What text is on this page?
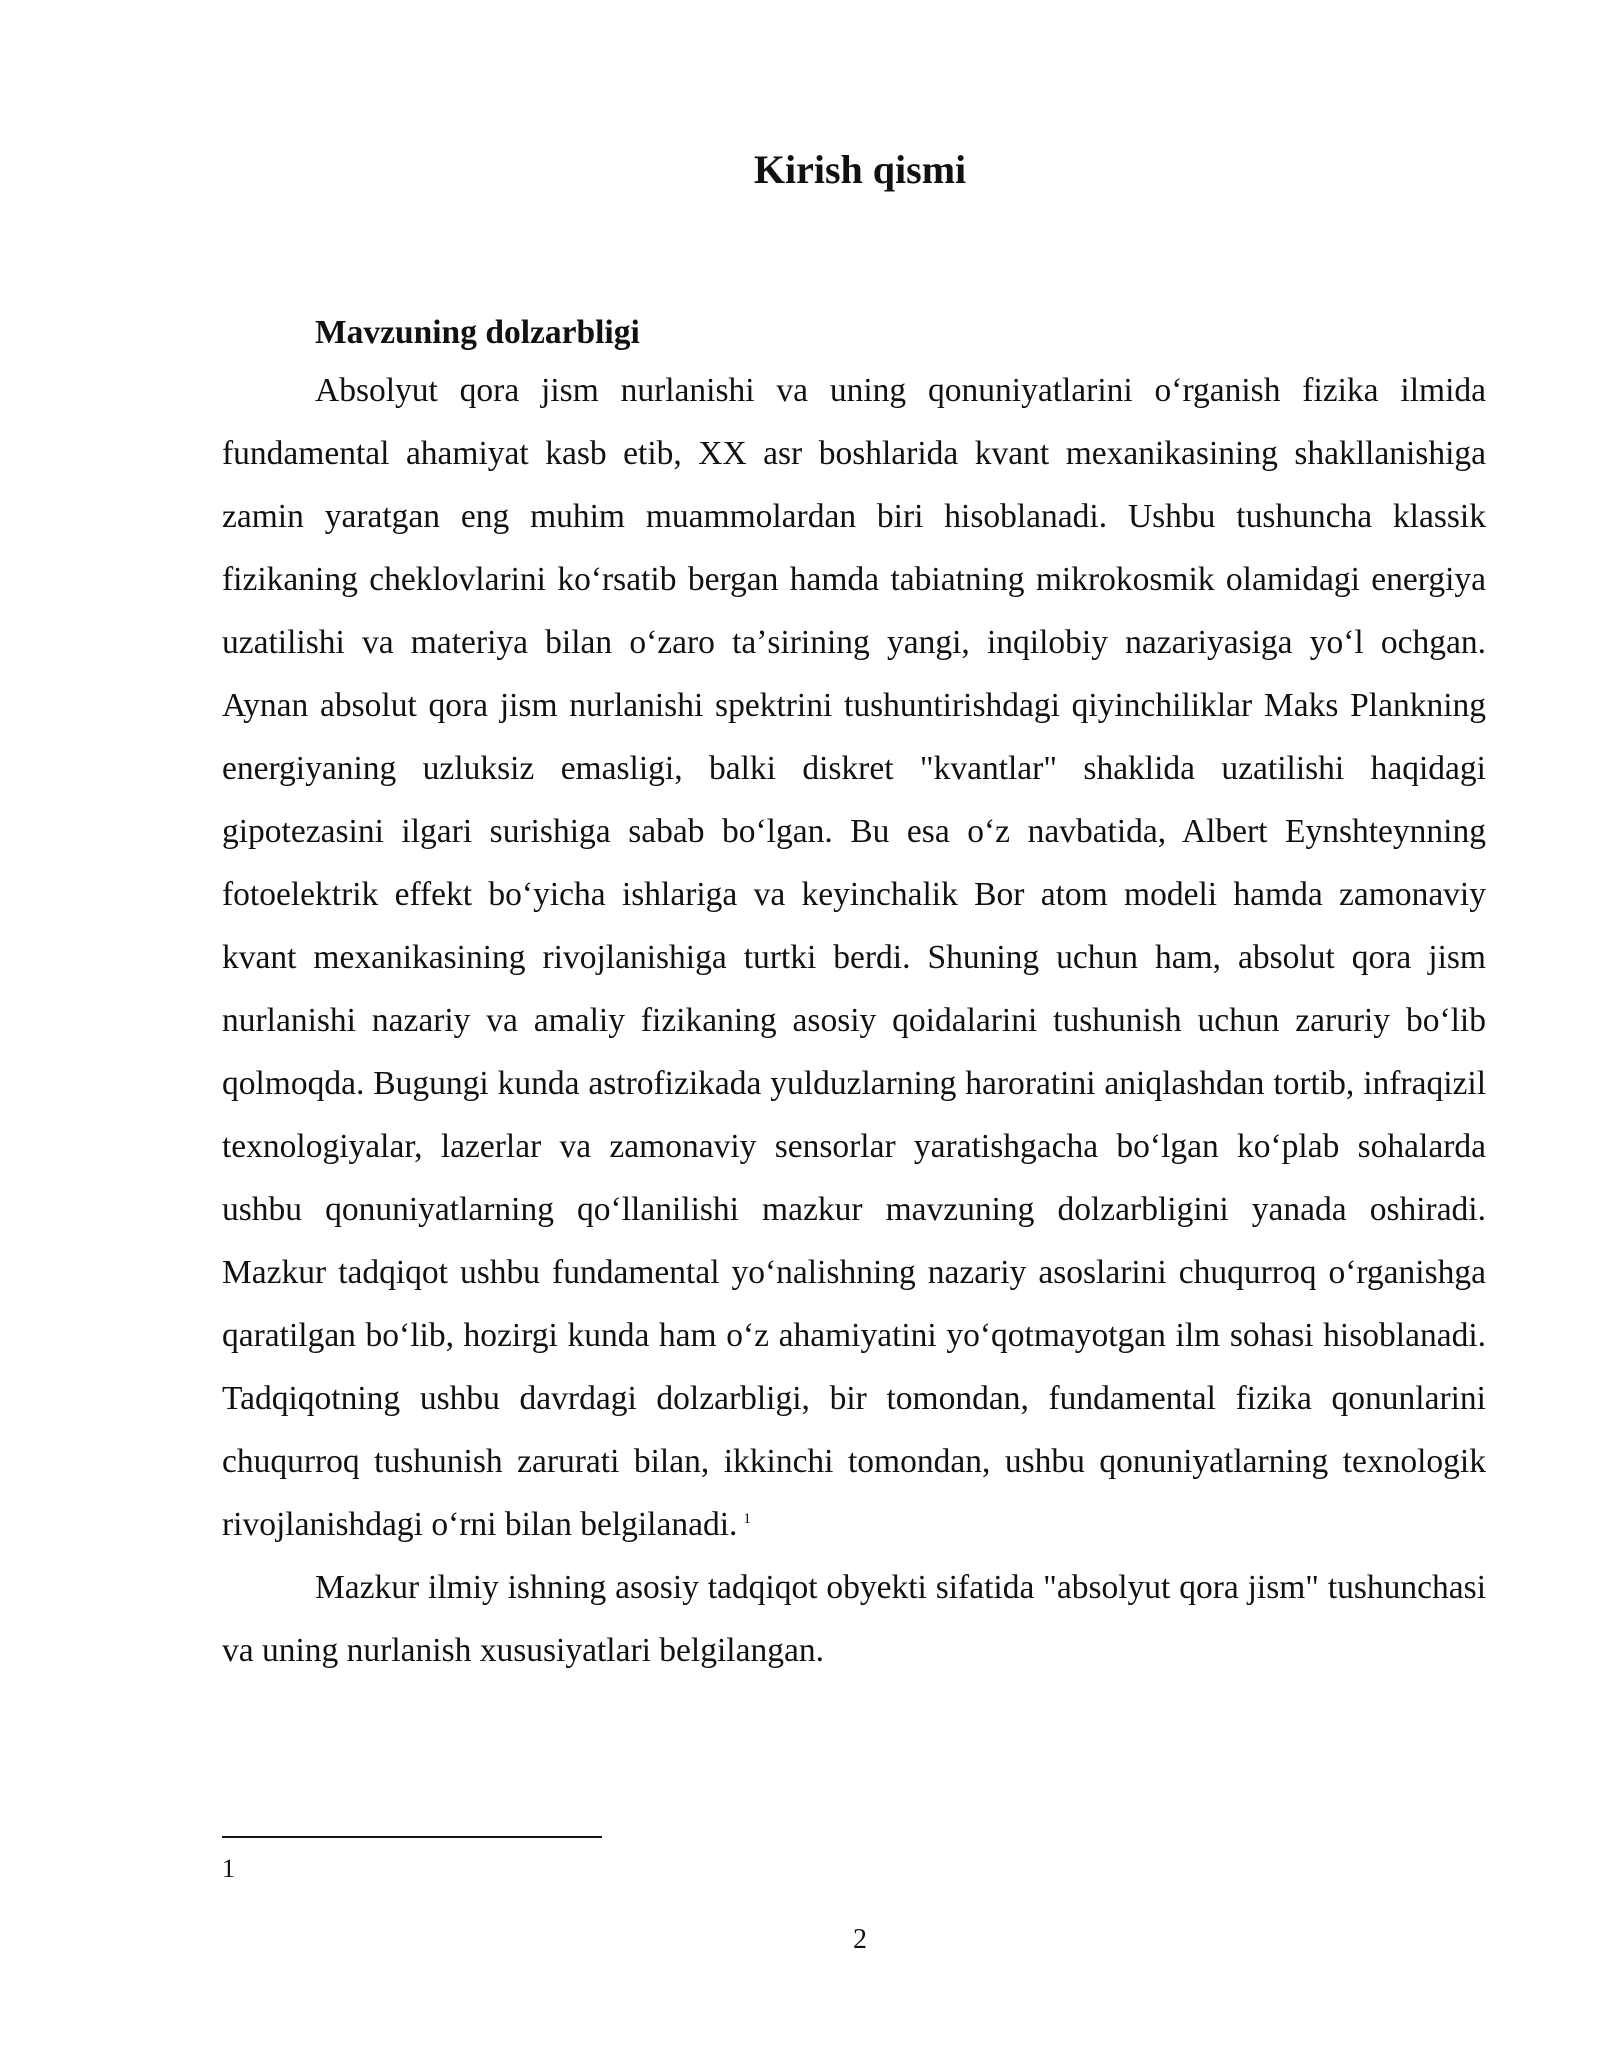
Kirish qismi
Mavzuning dolzarbligi

Absolyut qora jism nurlanishi va uning qonuniyatlarini oʻrganish fizika ilmida fundamental ahamiyat kasb etib, XX asr boshlarida kvant mexanikasining shakllanishiga zamin yaratgan eng muhim muammolardan biri hisoblanadi. Ushbu tushuncha klassik fizikaning cheklovlarini koʻrsatib bergan hamda tabiatning mikrokosmik olamidagi energiya uzatilishi va materiya bilan oʻzaro taʼsirining yangi, inqilobiy nazariyasiga yoʻl ochgan. Aynan absolut qora jism nurlanishi spektrini tushuntirishdagi qiyinchiliklar Maks Plankning energiyaning uzluksiz emasligi, balki diskret "kvantlar" shaklida uzatilishi haqidagi gipotezasini ilgari surishiga sabab boʻlgan. Bu esa oʻz navbatida, Albert Eynshteynning fotoelektrik effekt boʻyicha ishlariga va keyinchalik Bor atom modeli hamda zamonaviy kvant mexanikasining rivojlanishiga turtki berdi. Shuning uchun ham, absolut qora jism nurlanishi nazariy va amaliy fizikaning asosiy qoidalarini tushunish uchun zaruriy boʻlib qolmoqda. Bugungi kunda astrofizikada yulduzlarning haroratini aniqlashdan tortib, infraqizil texnologiyalar, lazerlar va zamonaviy sensorlar yaratishgacha boʻlgan koʻplab sohalarda ushbu qonuniyatlarning qoʻllanilishi mazkur mavzuning dolzarbligini yanada oshiradi. Mazkur tadqiqot ushbu fundamental yoʻnalishning nazariy asoslarini chuqurroq oʻrganishga qaratilgan boʻlib, hozirgi kunda ham oʻz ahamiyatini yoʻqotmayotgan ilm sohasi hisoblanadi. Tadqiqotning ushbu davrdagi dolzarbligi, bir tomondan, fundamental fizika qonunlarini chuqurroq tushunish zarurati bilan, ikkinchi tomondan, ushbu qonuniyatlarning texnologik rivojlanishdagi oʻrni bilan belgilanadi. $^1$

Mazkur ilmiy ishning asosiy tadqiqot obyekti sifatida "absolyut qora jism" tushunchasi va uning nurlanish xususiyatlari belgilangan.

1

2
